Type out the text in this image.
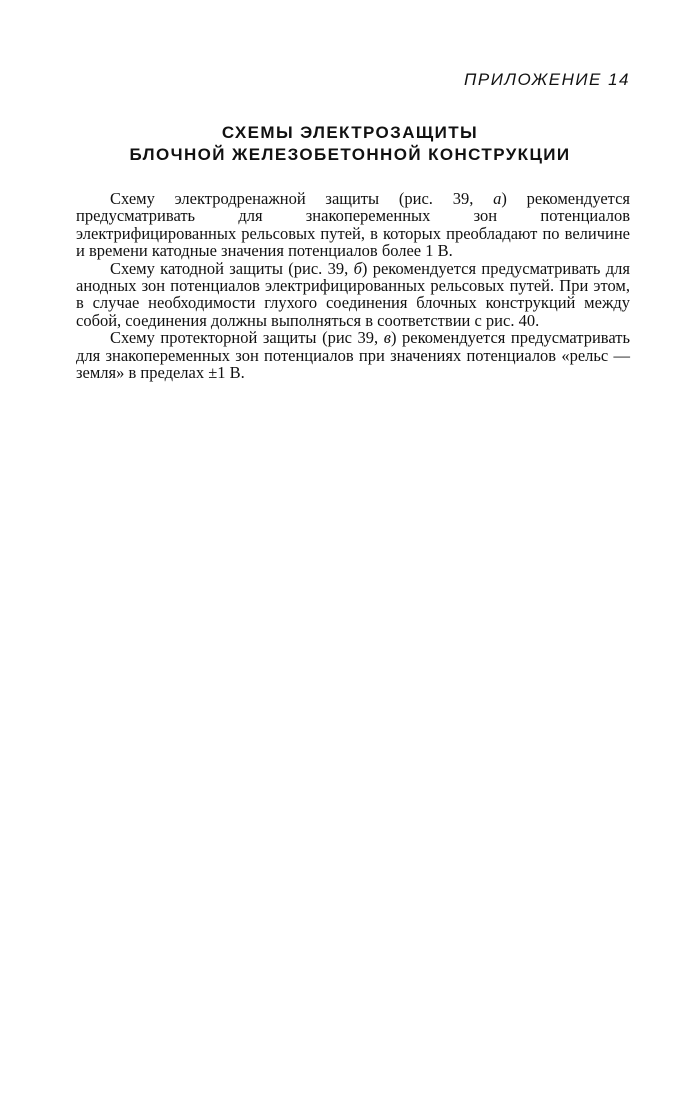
ПРИЛОЖЕНИЕ 14
СХЕМЫ ЭЛЕКТРОЗАЩИТЫ
БЛОЧНОЙ ЖЕЛЕЗОБЕТОННОЙ КОНСТРУКЦИИ

Схему электродренажной защиты (рис. 39, а) рекомендуется предусматривать для знакопеременных зон потенциалов электрифицированных рельсовых путей, в которых преобладают по величине и времени катодные значения потенциалов более 1 В.

Схему катодной защиты (рис. 39, б) рекомендуется предусматривать для анодных зон потенциалов электрифицированных рельсовых путей. При этом, в случае необходимости глухого соединения блочных конструкций между собой, соединения должны выполняться в соответствии с рис. 40.

Схему протекторной защиты (рис 39, в) рекомендуется предусматривать для знакопеременных зон потенциалов при значениях потенциалов «рельс — земля» в пределах ±1 В.
